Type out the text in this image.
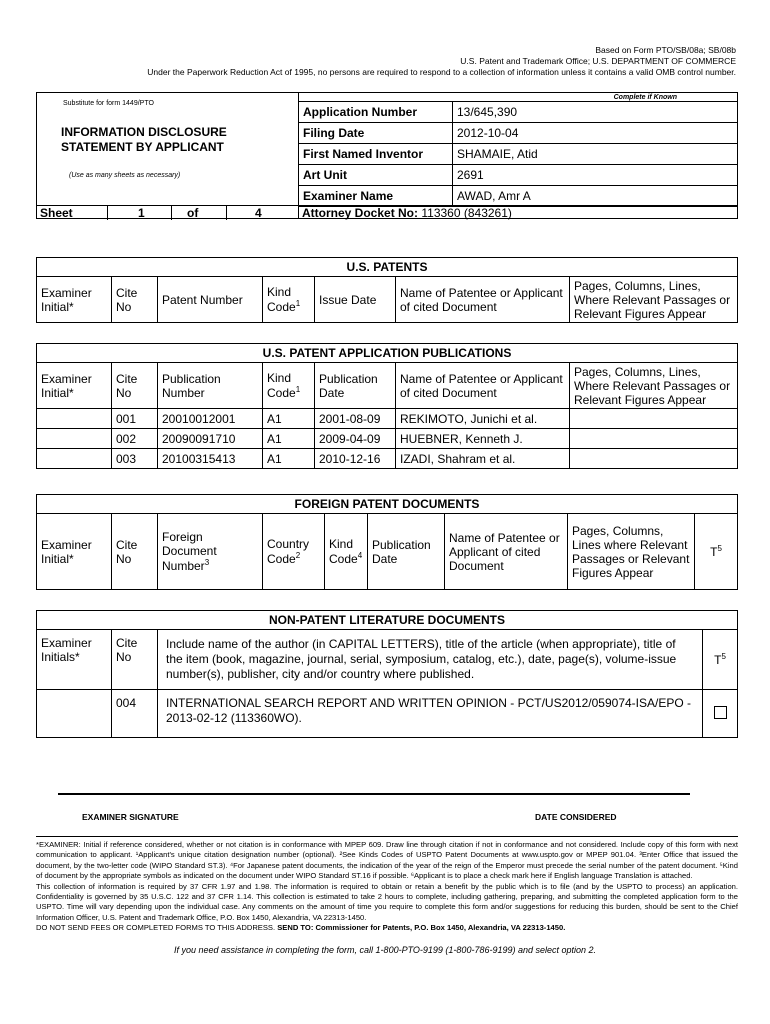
Based on Form PTO/SB/08a; SB/08b
U.S. Patent and Trademark Office; U.S. DEPARTMENT OF COMMERCE
Under the Paperwork Reduction Act of 1995, no persons are required to respond to a collection of information unless it contains a valid OMB control number.
Substitute for form 1449/PTO
INFORMATION DISCLOSURE
STATEMENT BY APPLICANT
(Use as many sheets as necessary)
Sheet	1	of	4
Complete if Known	
Application Number	13/645,390
Filing Date	2012-10-04
First Named Inventor	SHAMAIE, Atid
Art Unit	2691
Examiner Name	AWAD, Amr A
Attorney Docket No: 113360 (843261)
U.S. PATENTS
Examiner Initial*	Cite No	Patent Number	Kind Code$^1$	Issue Date	Name of Patentee or Applicant of cited Document	Pages, Columns, Lines, Where Relevant Passages or Relevant Figures Appear
U.S. PATENT APPLICATION PUBLICATIONS						
Examiner Initial*	Cite No	Publication Number	Kind Code$^1$	Publication Date	Name of Patentee or Applicant of cited Document	Pages, Columns, Lines, Where Relevant Passages or Relevant Figures Appear
	001	20010012001	A1	2001-08-09	REKIMOTO, Junichi et al.	
	002	20090091710	A1	2009-04-09	HUEBNER, Kenneth J.	
	003	20100315413	A1	2010-12-16	IZADI, Shahram et al.	
FOREIGN PATENT DOCUMENTS
Examiner Initial*	Cite No	Foreign Document Number$^3$	Country Code$^2$	Kind Code$^4$	Publication Date	Name of Patentee or Applicant of cited Document	Pages, Columns, Lines where Relevant Passages or Relevant Figures Appear	$T^5$
NON-PATENT LITERATURE DOCUMENTS			
Examiner Initials*	Cite No	Include name of the author (in CAPITAL LETTERS), title of the article (when appropriate), title of the item (book, magazine, journal, serial, symposium, catalog, etc.), date, page(s), volume-issue number(s), publisher, city and/or country where published.	$T^5$
	004	INTERNATIONAL SEARCH REPORT AND WRITTEN OPINION - PCT/US2012/059074-ISA/EPO - 2013-02-12 (113360WO).	
EXAMINER SIGNATURE	DATE CONSIDERED
*EXAMINER: Initial if reference considered, whether or not citation is in conformance with MPEP 609. Draw line through citation if not in conformance and not considered. Include copy of this form with next communication to applicant. ¹Applicant's unique citation designation number (optional). ²See Kinds Codes of USPTO Patent Documents at www.uspto.gov or MPEP 901.04. ³Enter Office that issued the document, by the two-letter code (WIPO Standard ST.3). ⁴For Japanese patent documents, the indication of the year of the reign of the Emperor must precede the serial number of the patent document. ⁵Kind of document by the appropriate symbols as indicated on the document under WIPO Standard ST.16 if possible. ⁶Applicant is to place a check mark here if English language Translation is attached.
This collection of information is required by 37 CFR 1.97 and 1.98. The information is required to obtain or retain a benefit by the public which is to file (and by the USPTO to process) an application. Confidentiality is governed by 35 U.S.C. 122 and 37 CFR 1.14. This collection is estimated to take 2 hours to complete, including gathering, preparing, and submitting the completed application form to the USPTO. Time will vary depending upon the individual case. Any comments on the amount of time you require to complete this form and/or suggestions for reducing this burden, should be sent to the Chief Information Officer, U.S. Patent and Trademark Office, P.O. Box 1450, Alexandria, VA 22313-1450.
DO NOT SEND FEES OR COMPLETED FORMS TO THIS ADDRESS. SEND TO: Commissioner for Patents, P.O. Box 1450, Alexandria, VA 22313-1450.
If you need assistance in completing the form, call 1-800-PTO-9199 (1-800-786-9199) and select option 2.
